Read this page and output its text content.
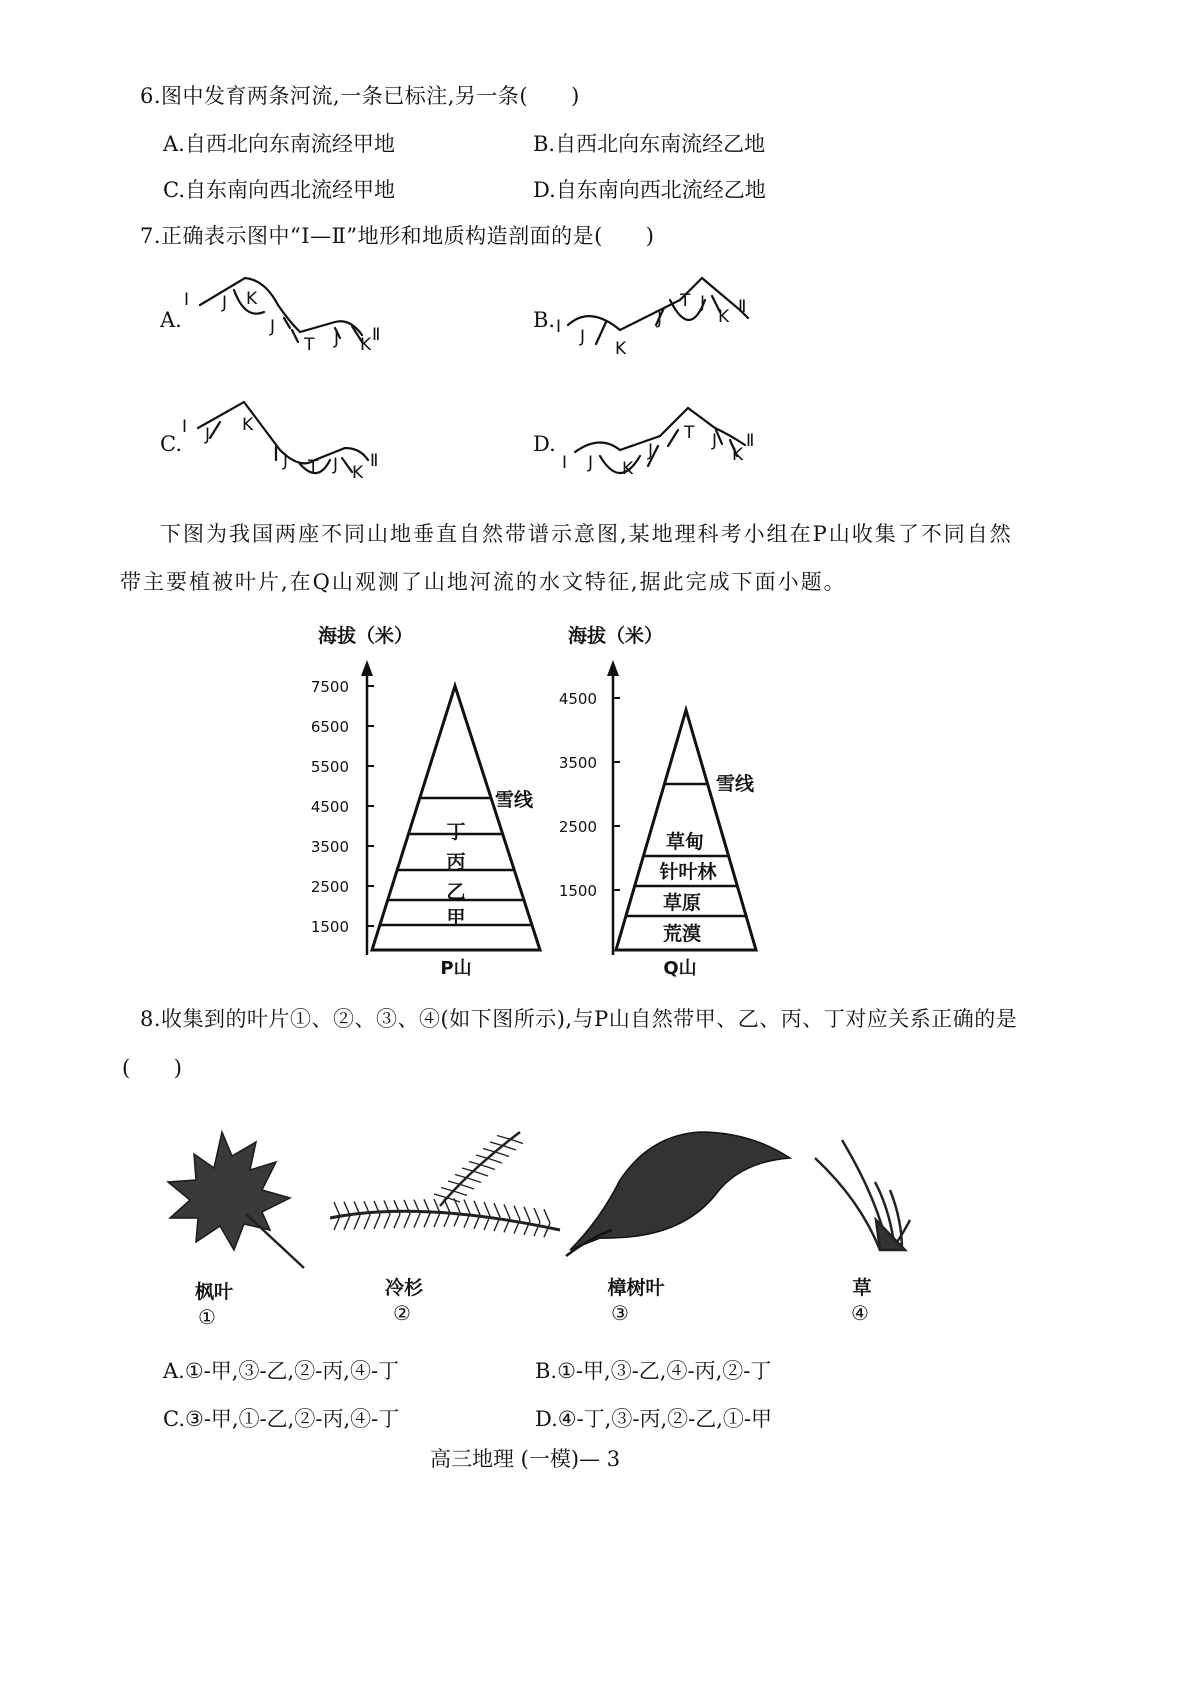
6.图中发育两条河流,一条已标注,另一条(　　)
A.自西北向东南流经甲地	B.自西北向东南流经乙地
C.自东南向西北流经甲地	D.自东南向西北流经乙地
7.正确表示图中“Ⅰ—Ⅱ”地形和地质构造剖面的是(　　)
A.	B.
C.	D.
I J K
J
T J K Ⅱ	I J
K
J
T J
K Ⅱ
I J K
J T J K
Ⅱ	I J K
J
T J
K
Ⅱ
下图为我国两座不同山地垂直自然带谱示意图,某地理科考小组在P山收集了不同自然
带主要植被叶片,在Q山观测了山地河流的水文特征,据此完成下面小题。
海拔（米）
7500
6500
5500
4500
3500
2500
1500
雪线
丁
丙
乙
甲
P山
海拔（米）
4500
3500
2500
1500
雪线
草甸
针叶林
草原
荒漠
Q山
8.收集到的叶片①、②、③、④(如下图所示),与P山自然带甲、乙、丙、丁对应关系正确的是
(　　)
枫叶
①
冷杉
②
樟树叶
③
草
④
A.①-甲,③-乙,②-丙,④-丁	B.①-甲,③-乙,④-丙,②-丁
C.③-甲,①-乙,②-丙,④-丁	D.④-丁,③-丙,②-乙,①-甲
高三地理 (一模)— 3
